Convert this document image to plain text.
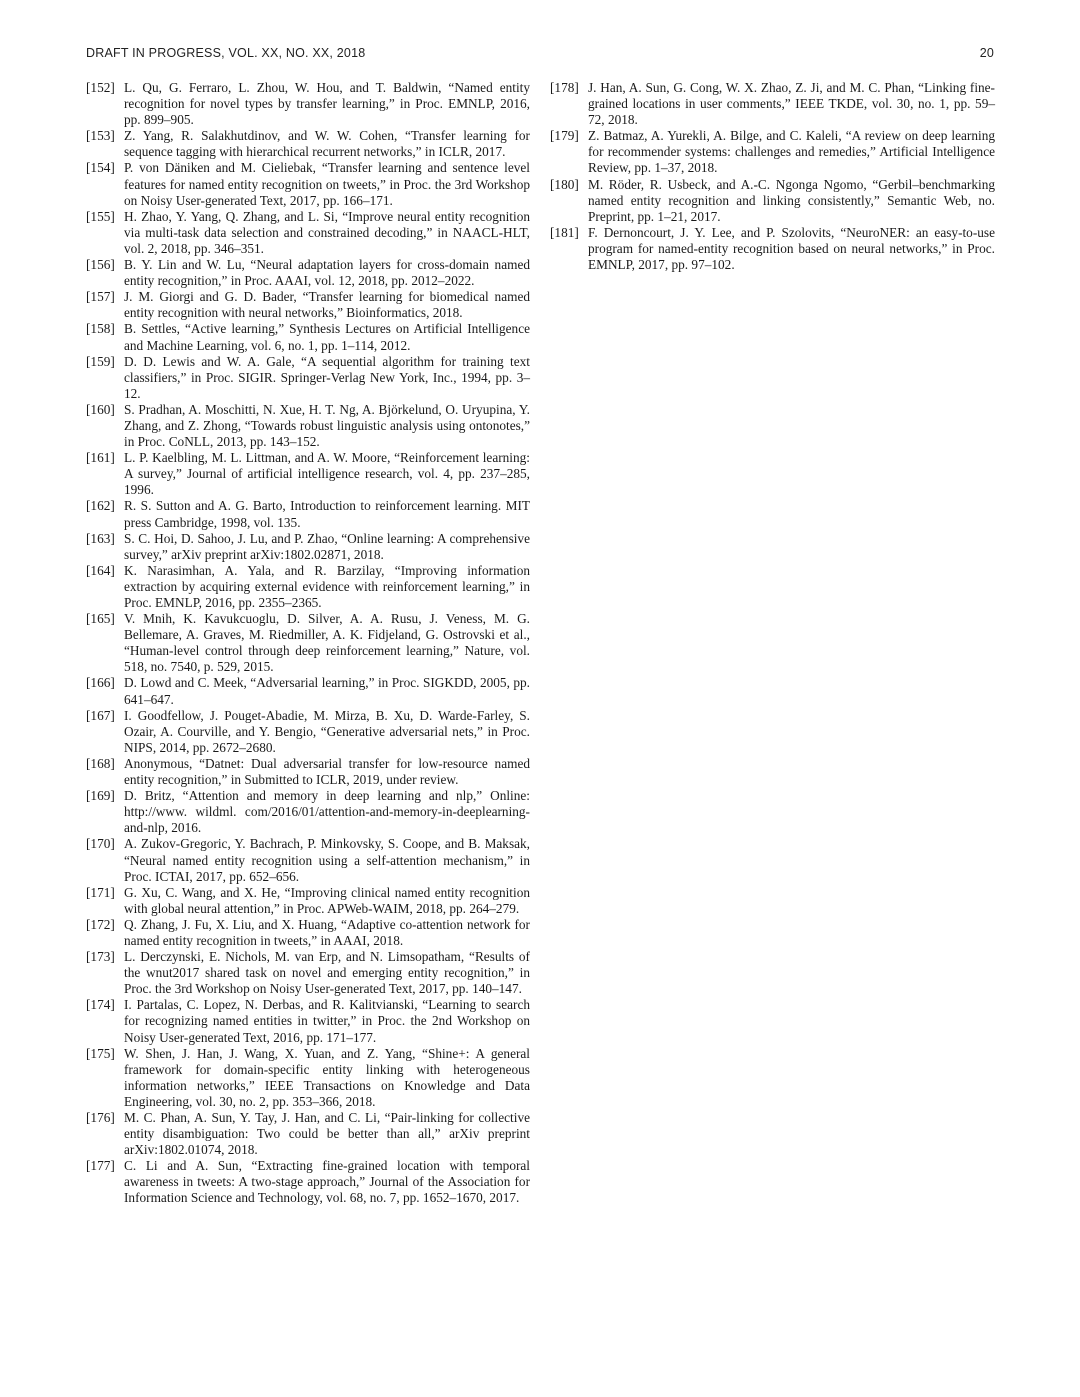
DRAFT IN PROGRESS, VOL. XX, NO. XX, 2018	20
[152] L. Qu, G. Ferraro, L. Zhou, W. Hou, and T. Baldwin, “Named entity recognition for novel types by transfer learning,” in Proc. EMNLP, 2016, pp. 899–905.
[153] Z. Yang, R. Salakhutdinov, and W. W. Cohen, “Transfer learning for sequence tagging with hierarchical recurrent networks,” in ICLR, 2017.
[154] P. von Däniken and M. Cieliebak, “Transfer learning and sentence level features for named entity recognition on tweets,” in Proc. the 3rd Workshop on Noisy User-generated Text, 2017, pp. 166–171.
[155] H. Zhao, Y. Yang, Q. Zhang, and L. Si, “Improve neural entity recognition via multi-task data selection and constrained decoding,” in NAACL-HLT, vol. 2, 2018, pp. 346–351.
[156] B. Y. Lin and W. Lu, “Neural adaptation layers for cross-domain named entity recognition,” in Proc. AAAI, vol. 12, 2018, pp. 2012–2022.
[157] J. M. Giorgi and G. D. Bader, “Transfer learning for biomedical named entity recognition with neural networks,” Bioinformatics, 2018.
[158] B. Settles, “Active learning,” Synthesis Lectures on Artificial Intelligence and Machine Learning, vol. 6, no. 1, pp. 1–114, 2012.
[159] D. D. Lewis and W. A. Gale, “A sequential algorithm for training text classifiers,” in Proc. SIGIR. Springer-Verlag New York, Inc., 1994, pp. 3–12.
[160] S. Pradhan, A. Moschitti, N. Xue, H. T. Ng, A. Björkelund, O. Uryupina, Y. Zhang, and Z. Zhong, “Towards robust linguistic analysis using ontonotes,” in Proc. CoNLL, 2013, pp. 143–152.
[161] L. P. Kaelbling, M. L. Littman, and A. W. Moore, “Reinforcement learning: A survey,” Journal of artificial intelligence research, vol. 4, pp. 237–285, 1996.
[162] R. S. Sutton and A. G. Barto, Introduction to reinforcement learning. MIT press Cambridge, 1998, vol. 135.
[163] S. C. Hoi, D. Sahoo, J. Lu, and P. Zhao, “Online learning: A comprehensive survey,” arXiv preprint arXiv:1802.02871, 2018.
[164] K. Narasimhan, A. Yala, and R. Barzilay, “Improving information extraction by acquiring external evidence with reinforcement learning,” in Proc. EMNLP, 2016, pp. 2355–2365.
[165] V. Mnih, K. Kavukcuoglu, D. Silver, A. A. Rusu, J. Veness, M. G. Bellemare, A. Graves, M. Riedmiller, A. K. Fidjeland, G. Ostrovski et al., “Human-level control through deep reinforcement learning,” Nature, vol. 518, no. 7540, p. 529, 2015.
[166] D. Lowd and C. Meek, “Adversarial learning,” in Proc. SIGKDD, 2005, pp. 641–647.
[167] I. Goodfellow, J. Pouget-Abadie, M. Mirza, B. Xu, D. Warde-Farley, S. Ozair, A. Courville, and Y. Bengio, “Generative adversarial nets,” in Proc. NIPS, 2014, pp. 2672–2680.
[168] Anonymous, “Datnet: Dual adversarial transfer for low-resource named entity recognition,” in Submitted to ICLR, 2019, under review.
[169] D. Britz, “Attention and memory in deep learning and nlp,” Online: http://www. wildml. com/2016/01/attention-and-memory-in-deeplearning-and-nlp, 2016.
[170] A. Zukov-Gregoric, Y. Bachrach, P. Minkovsky, S. Coope, and B. Maksak, “Neural named entity recognition using a self-attention mechanism,” in Proc. ICTAI, 2017, pp. 652–656.
[171] G. Xu, C. Wang, and X. He, “Improving clinical named entity recognition with global neural attention,” in Proc. APWeb-WAIM, 2018, pp. 264–279.
[172] Q. Zhang, J. Fu, X. Liu, and X. Huang, “Adaptive co-attention network for named entity recognition in tweets,” in AAAI, 2018.
[173] L. Derczynski, E. Nichols, M. van Erp, and N. Limsopatham, “Results of the wnut2017 shared task on novel and emerging entity recognition,” in Proc. the 3rd Workshop on Noisy User-generated Text, 2017, pp. 140–147.
[174] I. Partalas, C. Lopez, N. Derbas, and R. Kalitvianski, “Learning to search for recognizing named entities in twitter,” in Proc. the 2nd Workshop on Noisy User-generated Text, 2016, pp. 171–177.
[175] W. Shen, J. Han, J. Wang, X. Yuan, and Z. Yang, “Shine+: A general framework for domain-specific entity linking with heterogeneous information networks,” IEEE Transactions on Knowledge and Data Engineering, vol. 30, no. 2, pp. 353–366, 2018.
[176] M. C. Phan, A. Sun, Y. Tay, J. Han, and C. Li, “Pair-linking for collective entity disambiguation: Two could be better than all,” arXiv preprint arXiv:1802.01074, 2018.
[177] C. Li and A. Sun, “Extracting fine-grained location with temporal awareness in tweets: A two-stage approach,” Journal of the Association for Information Science and Technology, vol. 68, no. 7, pp. 1652–1670, 2017.
[178] J. Han, A. Sun, G. Cong, W. X. Zhao, Z. Ji, and M. C. Phan, “Linking fine-grained locations in user comments,” IEEE TKDE, vol. 30, no. 1, pp. 59–72, 2018.
[179] Z. Batmaz, A. Yurekli, A. Bilge, and C. Kaleli, “A review on deep learning for recommender systems: challenges and remedies,” Artificial Intelligence Review, pp. 1–37, 2018.
[180] M. Röder, R. Usbeck, and A.-C. Ngonga Ngomo, “Gerbil–benchmarking named entity recognition and linking consistently,” Semantic Web, no. Preprint, pp. 1–21, 2017.
[181] F. Dernoncourt, J. Y. Lee, and P. Szolovits, “NeuroNER: an easy-to-use program for named-entity recognition based on neural networks,” in Proc. EMNLP, 2017, pp. 97–102.
